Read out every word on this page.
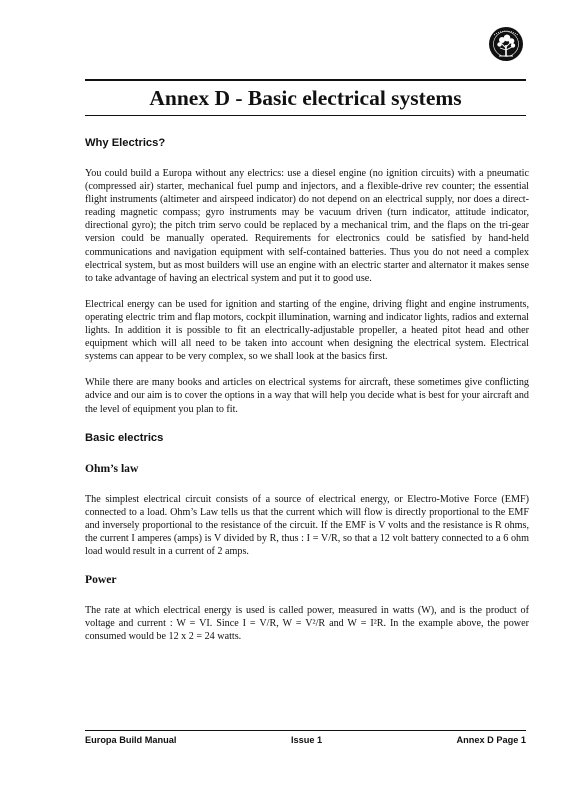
Annex D - Basic electrical systems
Why Electrics?

You could build a Europa without any electrics: use a diesel engine (no ignition circuits) with a pneumatic (compressed air) starter, mechanical fuel pump and injectors, and a flexible-drive rev counter; the essential flight instruments (altimeter and airspeed indicator) do not depend on an electrical supply, nor does a direct-reading magnetic compass; gyro instruments may be vacuum driven (turn indicator, attitude indicator, directional gyro); the pitch trim servo could be replaced by a mechanical trim, and the flaps on the tri-gear version could be manually operated. Requirements for electronics could be satisfied by hand-held communications and navigation equipment with self-contained batteries. Thus you do not need a complex electrical system, but as most builders will use an engine with an electric starter and alternator it makes sense to take advantage of having an electrical system and put it to good use.

Electrical energy can be used for ignition and starting of the engine, driving flight and engine instruments, operating electric trim and flap motors, cockpit illumination, warning and indicator lights, radios and external lights. In addition it is possible to fit an electrically-adjustable propeller, a heated pitot head and other equipment which will all need to be taken into account when designing the electrical system. Electrical systems can appear to be very complex, so we shall look at the basics first.

While there are many books and articles on electrical systems for aircraft, these sometimes give conflicting advice and our aim is to cover the options in a way that will help you decide what is best for your aircraft and the level of equipment you plan to fit.

Basic electrics
Ohm’s law

The simplest electrical circuit consists of a source of electrical energy, or Electro-Motive Force (EMF) connected to a load. Ohm’s Law tells us that the current which will flow is directly proportional to the EMF and inversely proportional to the resistance of the circuit. If the EMF is V volts and the resistance is R ohms, the current I amperes (amps) is V divided by R, thus : I = V/R, so that a 12 volt battery connected to a 6 ohm load would result in a current of 2 amps.

Power

The rate at which electrical energy is used is called power, measured in watts (W), and is the product of voltage and current : W = VI. Since I = V/R, W = V²/R and W = I²R. In the example above, the power consumed would be 12 x 2 = 24 watts.

Europa Build Manual	Issue 1	Annex D Page 1
